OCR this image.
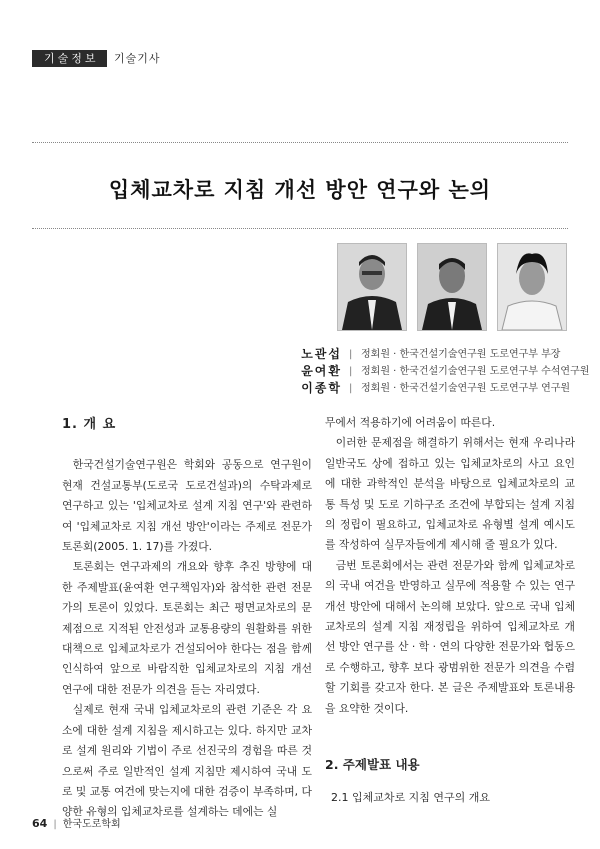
기술정보	기술기사
입체교차로 지침 개선 방안 연구와 논의
노관섭 | 정회원 · 한국건설기술연구원 도로연구부 부장
윤여환 | 정회원 · 한국건설기술연구원 도로연구부 수석연구원
이종학 | 정회원 · 한국건설기술연구원 도로연구부 연구원

1. 개 요

한국건설기술연구원은 학회와 공동으로 연구원이 현재 건설교통부(도로국 도로건설과)의 수탁과제로 연구하고 있는 '입체교차로 설계 지침 연구'와 관련하여 '입체교차로 지침 개선 방안'이라는 주제로 전문가 토론회(2005. 1. 17)를 가졌다.

토론회는 연구과제의 개요와 향후 추진 방향에 대한 주제발표(윤여환 연구책임자)와 참석한 관련 전문가의 토론이 있었다. 토론회는 최근 평면교차로의 문제점으로 지적된 안전성과 교통용량의 원활화를 위한 대책으로 입체교차로가 건설되어야 한다는 점을 함께 인식하여 앞으로 바람직한 입체교차로의 지침 개선 연구에 대한 전문가 의견을 듣는 자리였다.

실제로 현재 국내 입체교차로의 관련 기준은 각 요소에 대한 설계 지침을 제시하고는 있다. 하지만 교차로 설계 원리와 기법이 주로 선진국의 경험을 따른 것으로써 주로 일반적인 설계 지침만 제시하여 국내 도로 및 교통 여건에 맞는지에 대한 검증이 부족하며, 다양한 유형의 입체교차로를 설계하는 데에는 실

무에서 적용하기에 어려움이 따른다.

이러한 문제점을 해결하기 위해서는 현재 우리나라 일반국도 상에 접하고 있는 입체교차로의 사고 요인에 대한 과학적인 분석을 바탕으로 입체교차로의 교통 특성 및 도로 기하구조 조건에 부합되는 설계 지침의 정립이 필요하고, 입체교차로 유형별 설계 예시도를 작성하여 실무자들에게 제시해 줄 필요가 있다.

금번 토론회에서는 관련 전문가와 함께 입체교차로의 국내 여건을 반영하고 실무에 적용할 수 있는 연구 개선 방안에 대해서 논의해 보았다. 앞으로 국내 입체교차로의 설계 지침 재정립을 위하여 입체교차로 개선 방안 연구를 산 · 학 · 연의 다양한 전문가와 협동으로 수행하고, 향후 보다 광범위한 전문가 의견을 수렴할 기회를 갖고자 한다. 본 글은 주제발표와 토론내용을 요약한 것이다.

2. 주제발표 내용

2.1 입체교차로 지침 연구의 개요

64 | 한국도로학회
